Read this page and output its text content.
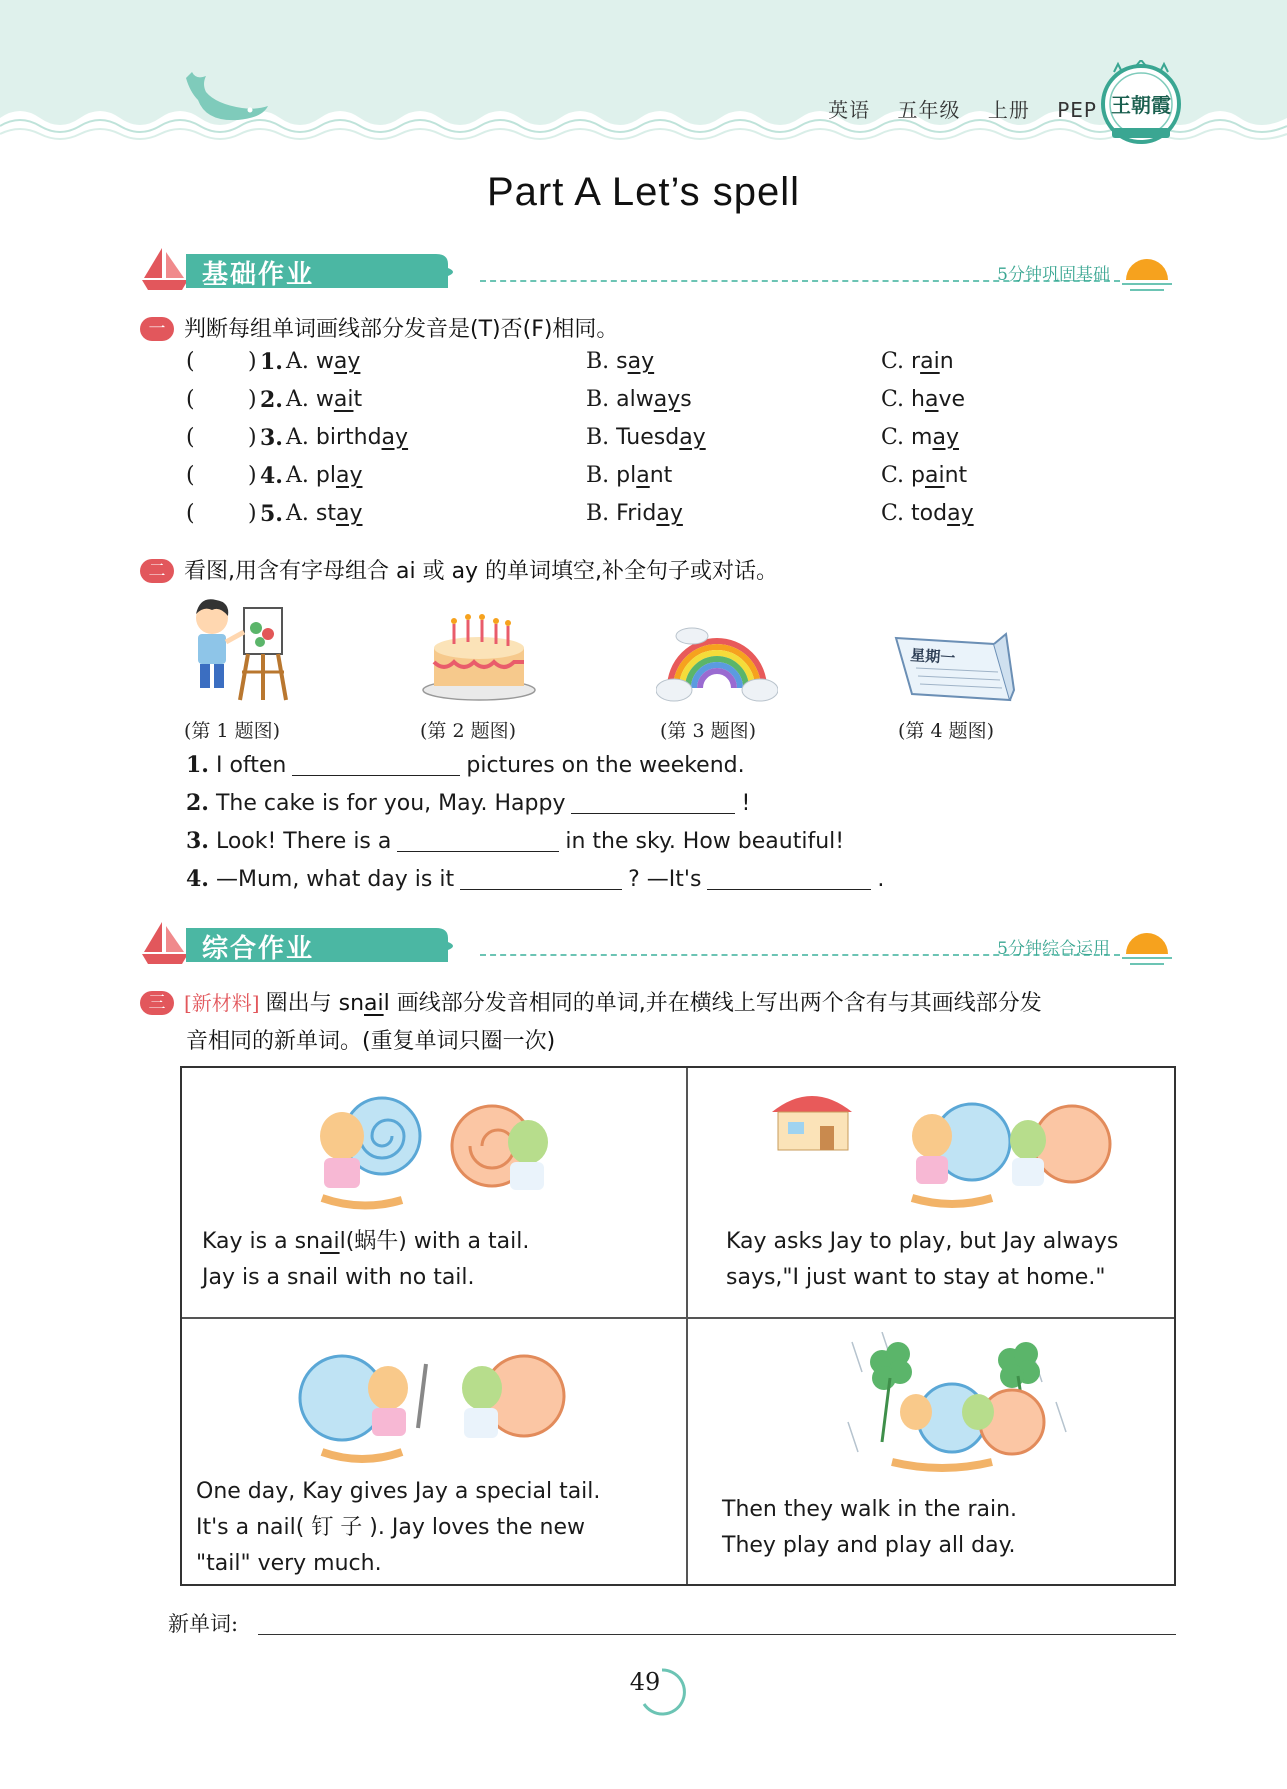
英语 五年级 上册 PEP 王朝霞
Part A Let’s spell
基础作业	5分钟巩固基础
一 判断每组单词画线部分发音是(T)否(F)相同。
( ) 1. A. way	B. say	C. rain
( ) 2. A. wait	B. always	C. have
( ) 3. A. birthday	B. Tuesday	C. may
( ) 4. A. play	B. plant	C. paint
( ) 5. A. stay	B. Friday	C. today
二 看图,用含有字母组合 ai 或 ay 的单词填空,补全句子或对话。
星期一
(第 1 题图)	(第 2 题图)	(第 3 题图)	(第 4 题图)
1. I often	pictures on the weekend.
2. The cake is for you, May. Happy	!
3. Look! There is a	in the sky. How beautiful!
4. —Mum, what day is it	? —It's	.
综合作业	5分钟综合运用
三 [新材料] 圈出与 snail 画线部分发音相同的单词,并在横线上写出两个含有与其画线部分发
音相同的新单词。(重复单词只圈一次)
Kay is a snail(蜗牛) with a tail.
Jay is a snail with no tail.
Kay asks Jay to play, but Jay always
says,"I just want to stay at home."
One day, Kay gives Jay a special tail.
It's a nail( 钉 子 ). Jay loves the new
"tail" very much.
Then they walk in the rain.
They play and play all day.
新单词:
49
